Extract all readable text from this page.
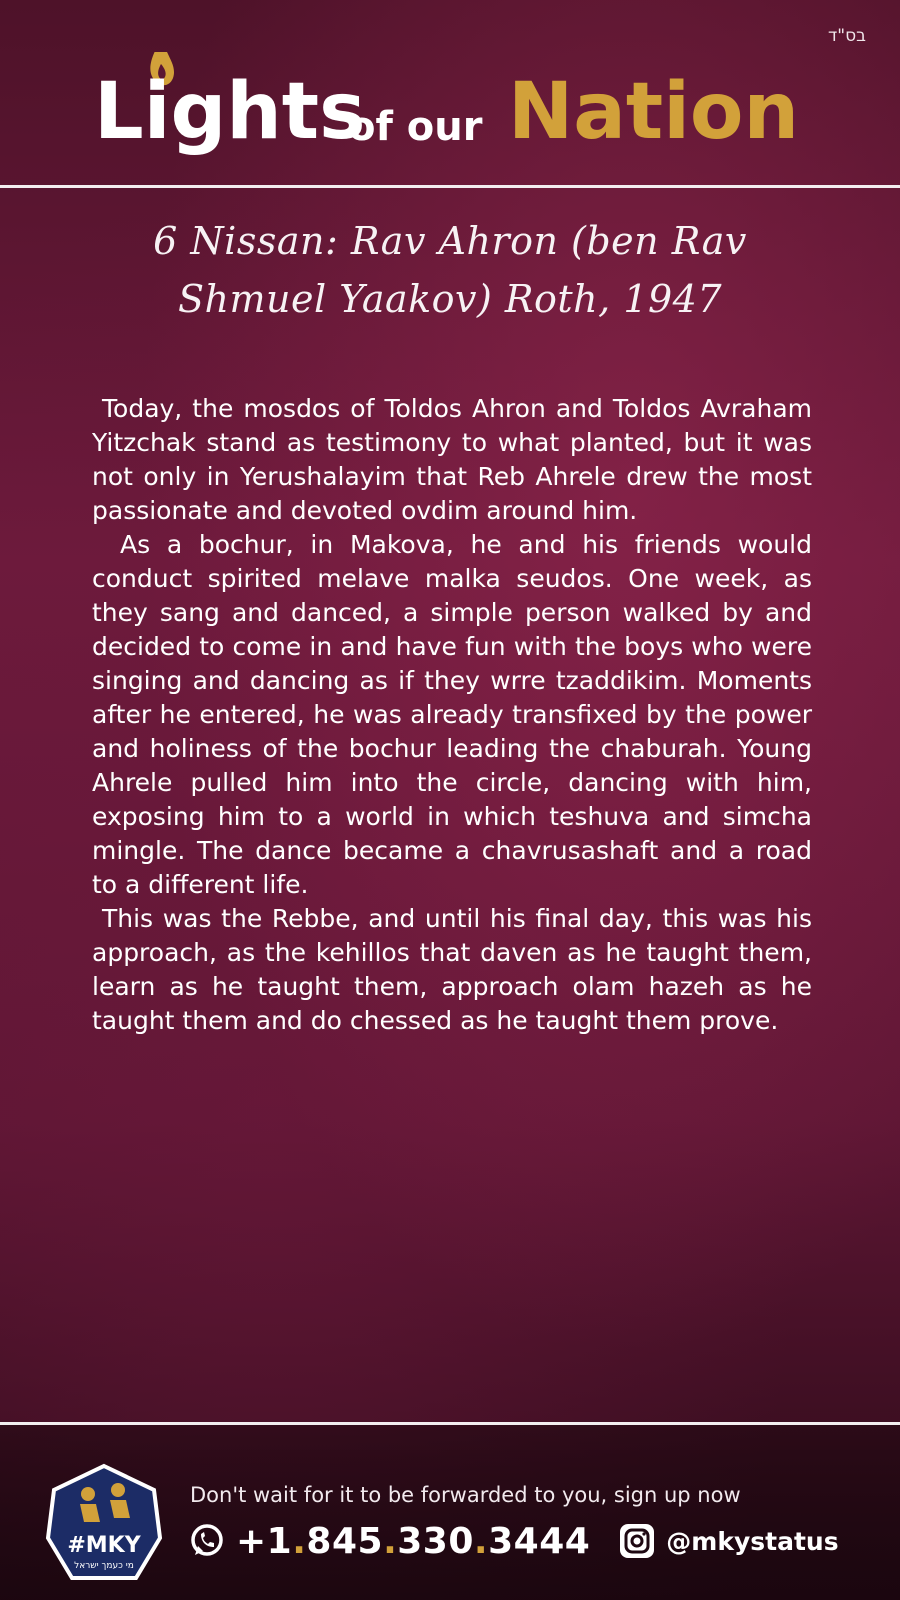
בס"ד
Lights
of our Nation
6 Nissan: Rav Ahron (ben Rav
Shmuel Yaakov) Roth, 1947

Today, the mosdos of Toldos Ahron and Toldos Avraham Yitzchak stand as testimony to what planted, but it was not only in Yerushalayim that Reb Ahrele drew the most passionate and devoted ovdim around him.

As a bochur, in Makova, he and his friends would conduct spirited melave malka seudos. One week, as they sang and danced, a simple person walked by and decided to come in and have fun with the boys who were singing and dancing as if they wrre tzaddikim. Moments after he entered, he was already transfixed by the power and holiness of the bochur leading the chaburah. Young Ahrele pulled him into the circle, dancing with him, exposing him to a world in which teshuva and simcha mingle. The dance became a chavrusashaft and a road to a different life.

This was the Rebbe, and until his final day, this was his approach, as the kehillos that daven as he taught them, learn as he taught them, approach olam hazeh as he taught them and do chessed as he taught them prove.

#MKY
מי כעמך ישראל
Don't wait for it to be forwarded to you, sign up now
+1.845.330.3444	@mkystatus
